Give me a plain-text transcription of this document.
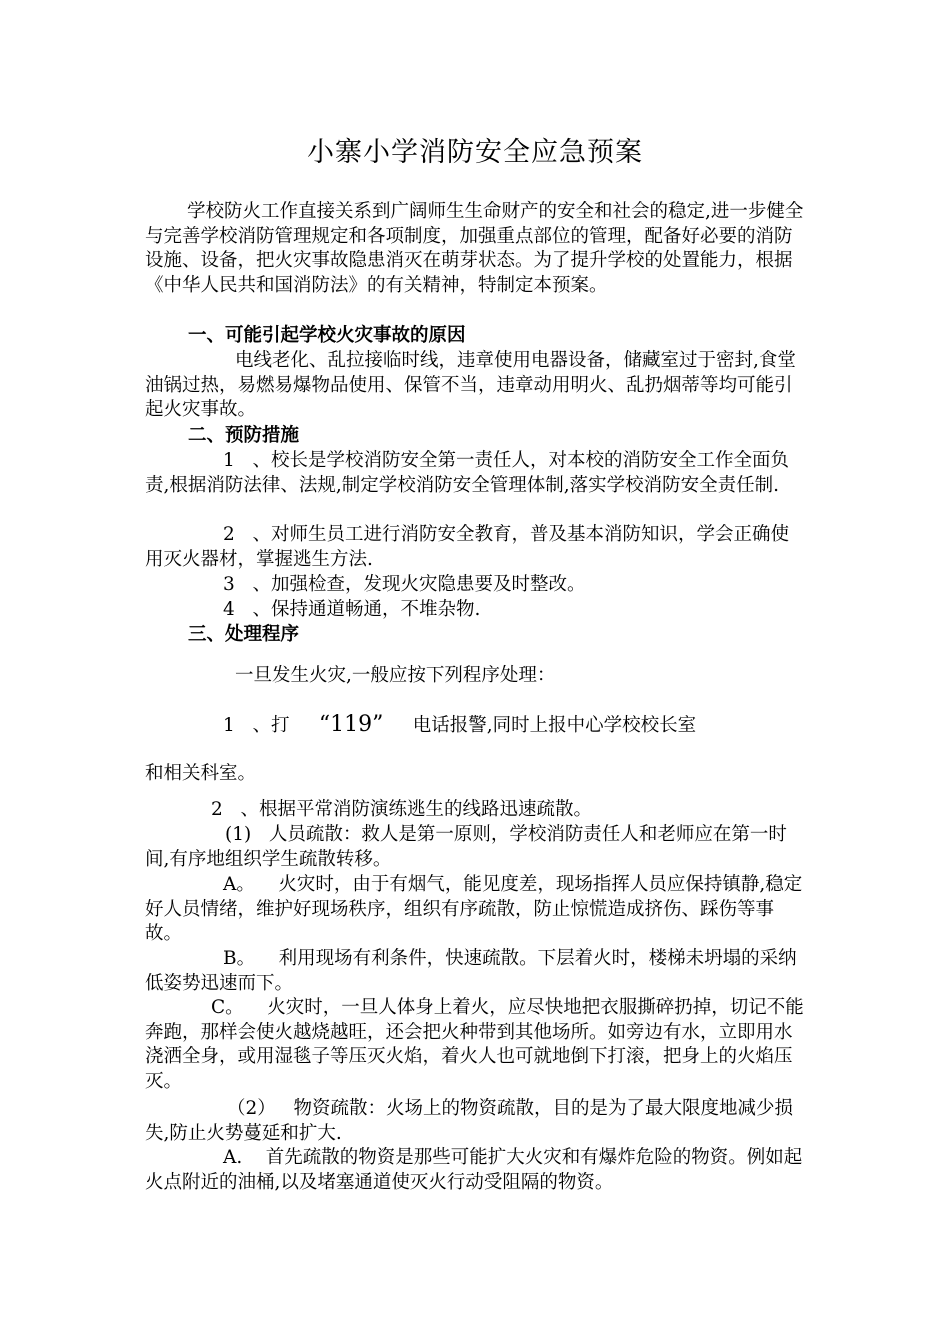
小寨小学消防安全应急预案

学校防火工作直接关系到广阔师生生命财产的安全和社会的稳定,进一步健全与完善学校消防管理规定和各项制度，加强重点部位的管理，配备好必要的消防设施、设备，把火灾事故隐患消灭在萌芽状态。为了提升学校的处置能力，根据《中华人民共和国消防法》的有关精神，特制定本预案。

一、可能引起学校火灾事故的原因

电线老化、乱拉接临时线，违章使用电器设备，储藏室过于密封,食堂油锅过热，易燃易爆物品使用、保管不当，违章动用明火、乱扔烟蒂等均可能引起火灾事故。

二、预防措施

1 、校长是学校消防安全第一责任人，对本校的消防安全工作全面负责,根据消防法律、法规,制定学校消防安全管理体制,落实学校消防安全责任制.

2 、对师生员工进行消防安全教育，普及基本消防知识，学会正确使用灭火器材，掌握逃生方法.

3 、加强检查，发现火灾隐患要及时整改。

4 、保持通道畅通，不堆杂物.

三、处理程序

一旦发生火灾,一般应按下列程序处理：

1 、打 “119” 电话报警,同时上报中心学校校长室

和相关科室。

2 、根据平常消防演练逃生的线路迅速疏散。

(1) 人员疏散：救人是第一原则，学校消防责任人和老师应在第一时间,有序地组织学生疏散转移。

A。 火灾时，由于有烟气，能见度差，现场指挥人员应保持镇静,稳定好人员情绪，维护好现场秩序，组织有序疏散，防止惊慌造成挤伤、踩伤等事故。

B。 利用现场有利条件，快速疏散。下层着火时，楼梯未坍塌的采纳低姿势迅速而下。

C。 火灾时，一旦人体身上着火，应尽快地把衣服撕碎扔掉，切记不能奔跑，那样会使火越烧越旺，还会把火种带到其他场所。如旁边有水，立即用水浇洒全身，或用湿毯子等压灭火焰，着火人也可就地倒下打滚，把身上的火焰压灭。

（2） 物资疏散：火场上的物资疏散，目的是为了最大限度地减少损失,防止火势蔓延和扩大.

A. 首先疏散的物资是那些可能扩大火灾和有爆炸危险的物资。例如起火点附近的油桶,以及堵塞通道使灭火行动受阻隔的物资。
